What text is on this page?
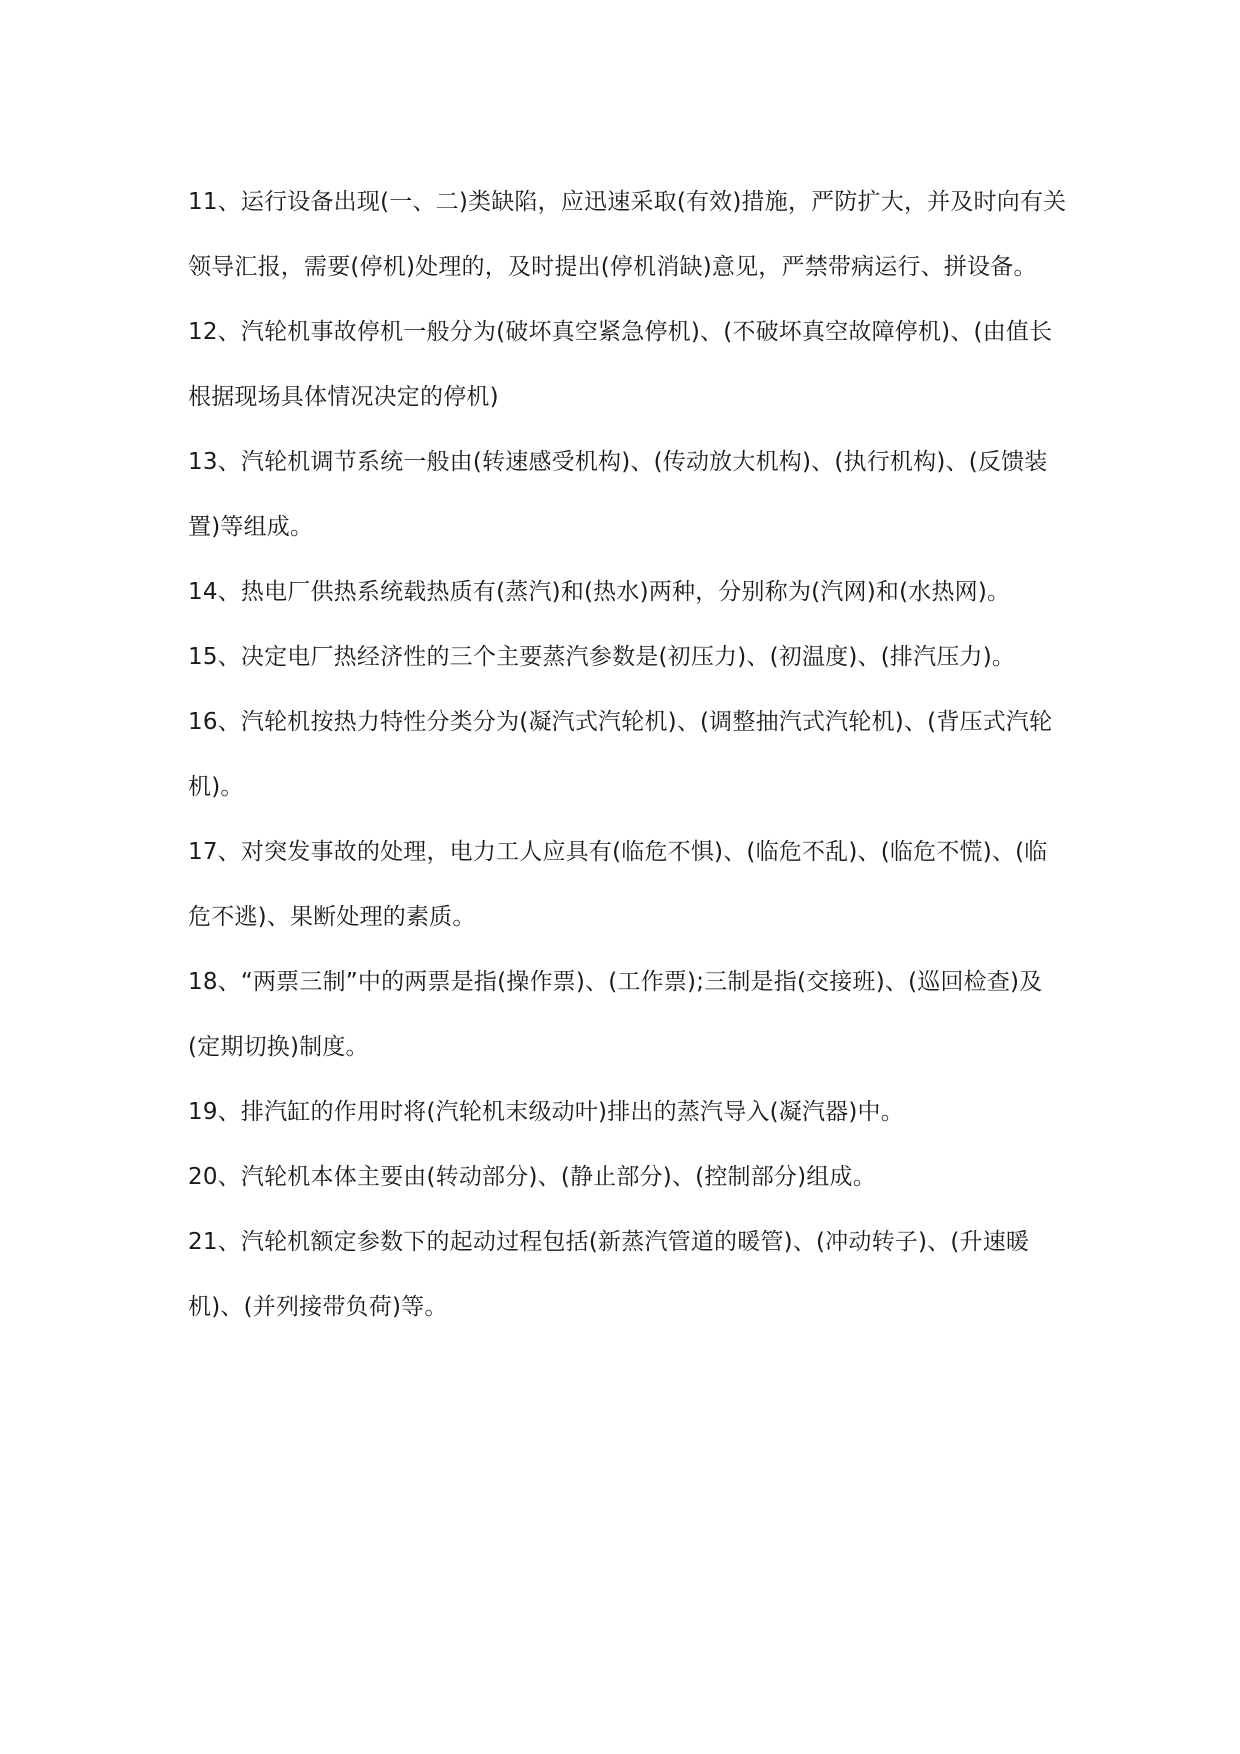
11、运行设备出现(一、二)类缺陷，应迅速采取(有效)措施，严防扩大，并及时向有关领导汇报，需要(停机)处理的，及时提出(停机消缺)意见，严禁带病运行、拼设备。

12、汽轮机事故停机一般分为(破坏真空紧急停机)、(不破坏真空故障停机)、(由值长根据现场具体情况决定的停机)

13、汽轮机调节系统一般由(转速感受机构)、(传动放大机构)、(执行机构)、(反馈装置)等组成。

14、热电厂供热系统载热质有(蒸汽)和(热水)两种，分别称为(汽网)和(水热网)。

15、决定电厂热经济性的三个主要蒸汽参数是(初压力)、(初温度)、(排汽压力)。

16、汽轮机按热力特性分类分为(凝汽式汽轮机)、(调整抽汽式汽轮机)、(背压式汽轮机)。

17、对突发事故的处理，电力工人应具有(临危不惧)、(临危不乱)、(临危不慌)、(临危不逃)、果断处理的素质。

18、“两票三制”中的两票是指(操作票)、(工作票);三制是指(交接班)、(巡回检查)及(定期切换)制度。

19、排汽缸的作用时将(汽轮机末级动叶)排出的蒸汽导入(凝汽器)中。

20、汽轮机本体主要由(转动部分)、(静止部分)、(控制部分)组成。

21、汽轮机额定参数下的起动过程包括(新蒸汽管道的暖管)、(冲动转子)、(升速暖机)、(并列接带负荷)等。
